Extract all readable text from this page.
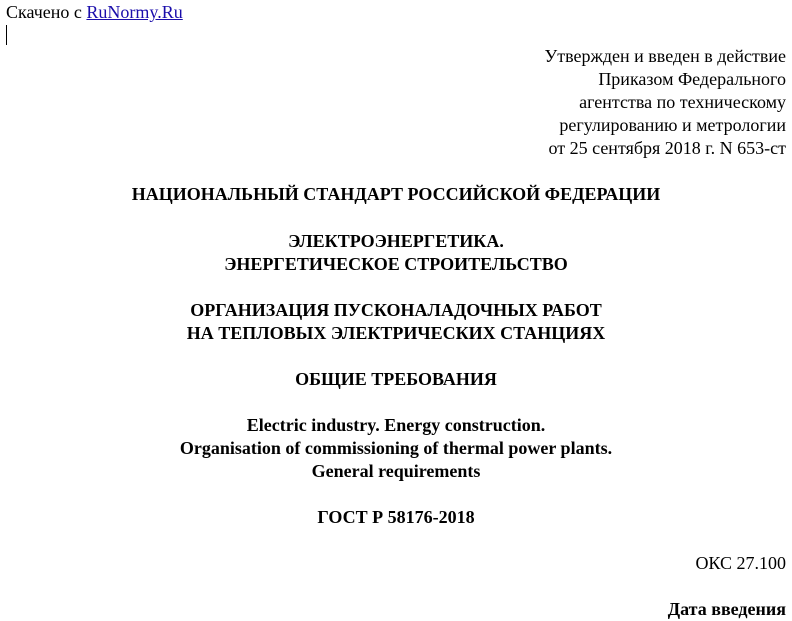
Скачено с RuNormy.Ru
Утвержден и введен в действие
Приказом Федерального
агентства по техническому
регулированию и метрологии
от 25 сентября 2018 г. N 653-ст
НАЦИОНАЛЬНЫЙ СТАНДАРТ РОССИЙСКОЙ ФЕДЕРАЦИИ
ЭЛЕКТРОЭНЕРГЕТИКА.
ЭНЕРГЕТИЧЕСКОЕ СТРОИТЕЛЬСТВО
ОРГАНИЗАЦИЯ ПУСКОНАЛАДОЧНЫХ РАБОТ
НА ТЕПЛОВЫХ ЭЛЕКТРИЧЕСКИХ СТАНЦИЯХ
ОБЩИЕ ТРЕБОВАНИЯ
Electric industry. Energy construction.
Organisation of commissioning of thermal power plants.
General requirements
ГОСТ Р 58176-2018
ОКС 27.100
Дата введения
